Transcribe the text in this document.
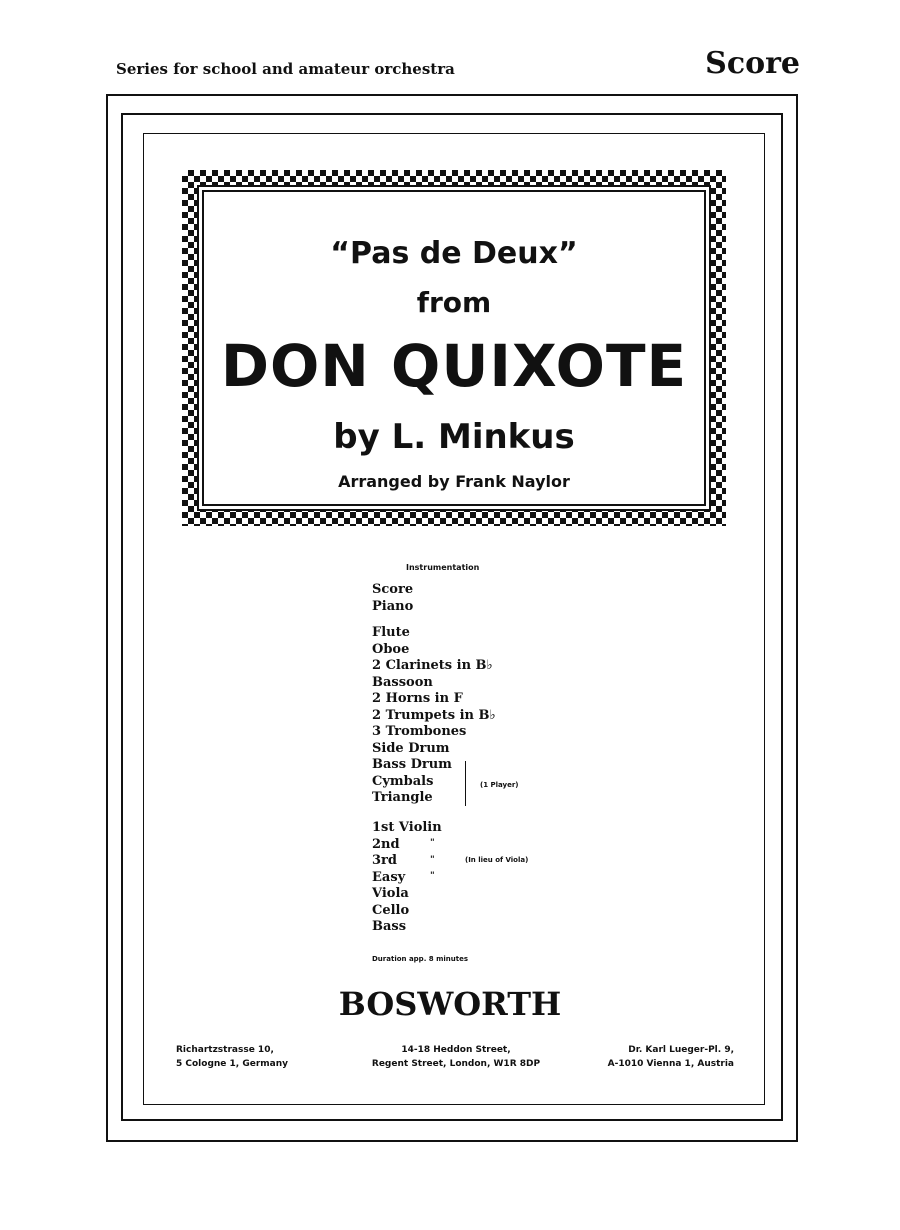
Series for school and amateur orchestra	Score
“Pas de Deux”
from
DON QUIXOTE
by L. Minkus
Arranged by Frank Naylor
Instrumentation
Score
Piano
Flute
Oboe
2 Clarinets in B♭
Bassoon
2 Horns in F
2 Trumpets in B♭
3 Trombones
Side Drum
Bass Drum
Cymbals
Triangle
(1 Player)
1st Violin
2nd
3rd
Easy
Viola
Cello
Bass
"
"
"
(In lieu of Viola)
Duration app. 8 minutes
BOSWORTH
Richartzstrasse 10,
5 Cologne 1, Germany
14-18 Heddon Street,
Regent Street, London, W1R 8DP
Dr. Karl Lueger-Pl. 9,
A-1010 Vienna 1, Austria
